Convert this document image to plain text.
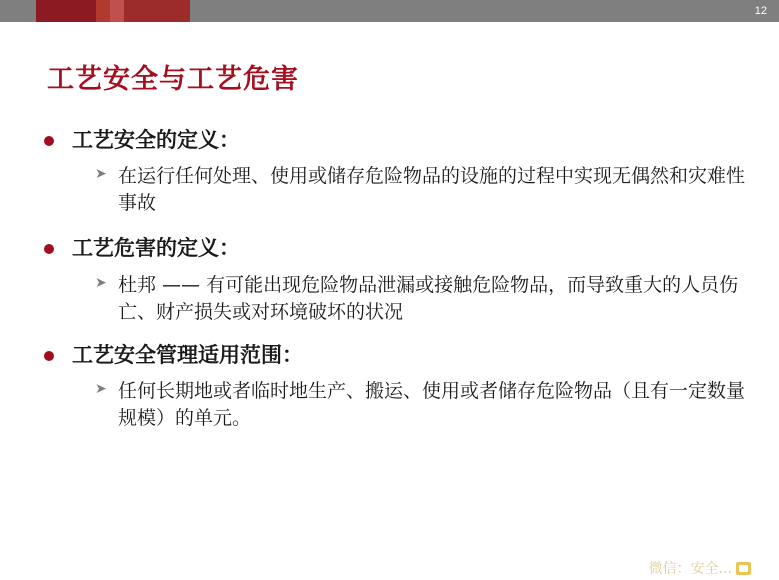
12
工艺安全与工艺危害
工艺安全的定义：
➤ 在运行任何处理、使用或储存危险物品的设施的过程中实现无偶然和灾难性事故
工艺危害的定义：
➤ 杜邦 —— 有可能出现危险物品泄漏或接触危险物品，而导致重大的人员伤亡、财产损失或对环境破坏的状况
工艺安全管理适用范围：
➤ 任何长期地或者临时地生产、搬运、使用或者储存危险物品（且有一定数量规模）的单元。
微信：安全...
